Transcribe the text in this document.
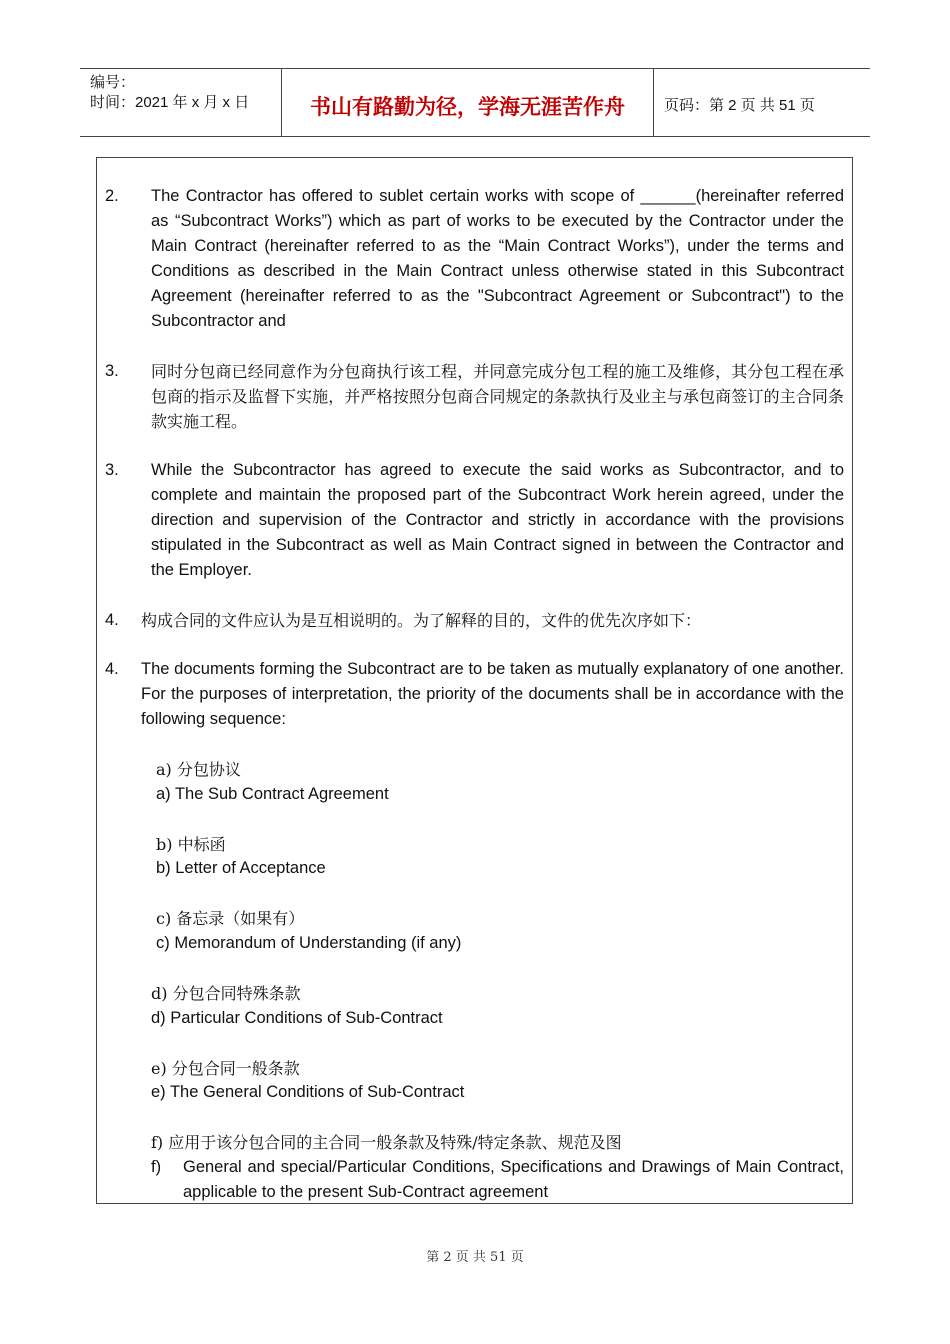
编号：
时间：2021 年 x 月 x 日	书山有路勤为径，学海无涯苦作舟	页码：第 2 页 共 51 页
2. The Contractor has offered to sublet certain works with scope of ______(hereinafter referred as “Subcontract Works”) which as part of works to be executed by the Contractor under the Main Contract (hereinafter referred to as the “Main Contract Works”), under the terms and Conditions as described in the Main Contract unless otherwise stated in this Subcontract Agreement (hereinafter referred to as the "Subcontract Agreement or Subcontract") to the Subcontractor and
3. 同时分包商已经同意作为分包商执行该工程，并同意完成分包工程的施工及维修，其分包工程在承包商的指示及监督下实施，并严格按照分包商合同规定的条款执行及业主与承包商签订的主合同条款实施工程。
3. While the Subcontractor has agreed to execute the said works as Subcontractor, and to complete and maintain the proposed part of the Subcontract Work herein agreed, under the direction and supervision of the Contractor and strictly in accordance with the provisions stipulated in the Subcontract as well as Main Contract signed in between the Contractor and the Employer.
4. 构成合同的文件应认为是互相说明的。为了解释的目的，文件的优先次序如下：
4. The documents forming the Subcontract are to be taken as mutually explanatory of one another. For the purposes of interpretation, the priority of the documents shall be in accordance with the following sequence:
a) 分包协议
a) The Sub Contract Agreement
b) 中标函
b) Letter of Acceptance
c) 备忘录（如果有）
c) Memorandum of Understanding (if any)
d) 分包合同特殊条款
d) Particular Conditions of Sub-Contract
e) 分包合同一般条款
e) The General Conditions of Sub-Contract
f) 应用于该分包合同的主合同一般条款及特殊/特定条款、规范及图
f) General and special/Particular Conditions, Specifications and Drawings of Main Contract, applicable to the present Sub-Contract agreement
第 2 页 共 51 页
